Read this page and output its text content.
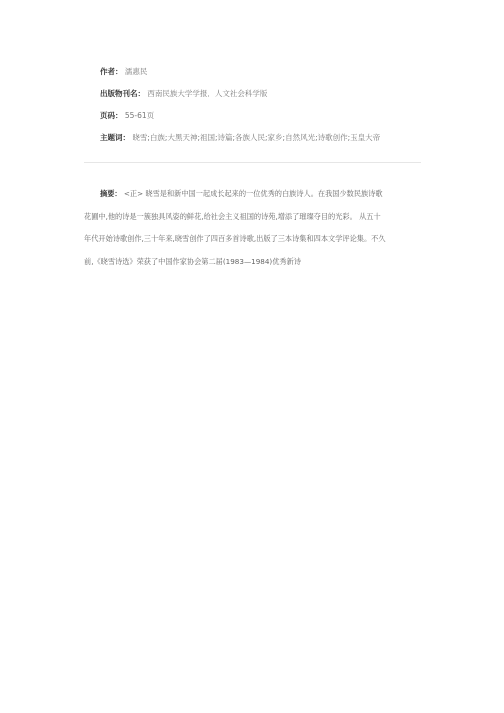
作者： 濡惠民
出版物刊名： 西南民族大学学报．人文社会科学版
页码： 55-61页
主题词： 晓雪;白族;大黑天神;祖国;诗篇;各族人民;家乡;自然风光;诗歌创作;玉皇大帝
摘要： <正> 晓雪是和新中国一起成长起来的一位优秀的白族诗人。在我国少数民族诗歌
花圃中,他的诗是一簇独具风姿的鲜花,给社会主义祖国的诗苑,增添了璀璨夺目的光彩。 从五十
年代开始诗歌创作,三十年来,晓雪创作了四百多首诗歌,出版了三本诗集和四本文学评论集。不久
前,《晓雪诗选》荣获了中国作家协会第二届(1983—1984)优秀新诗
